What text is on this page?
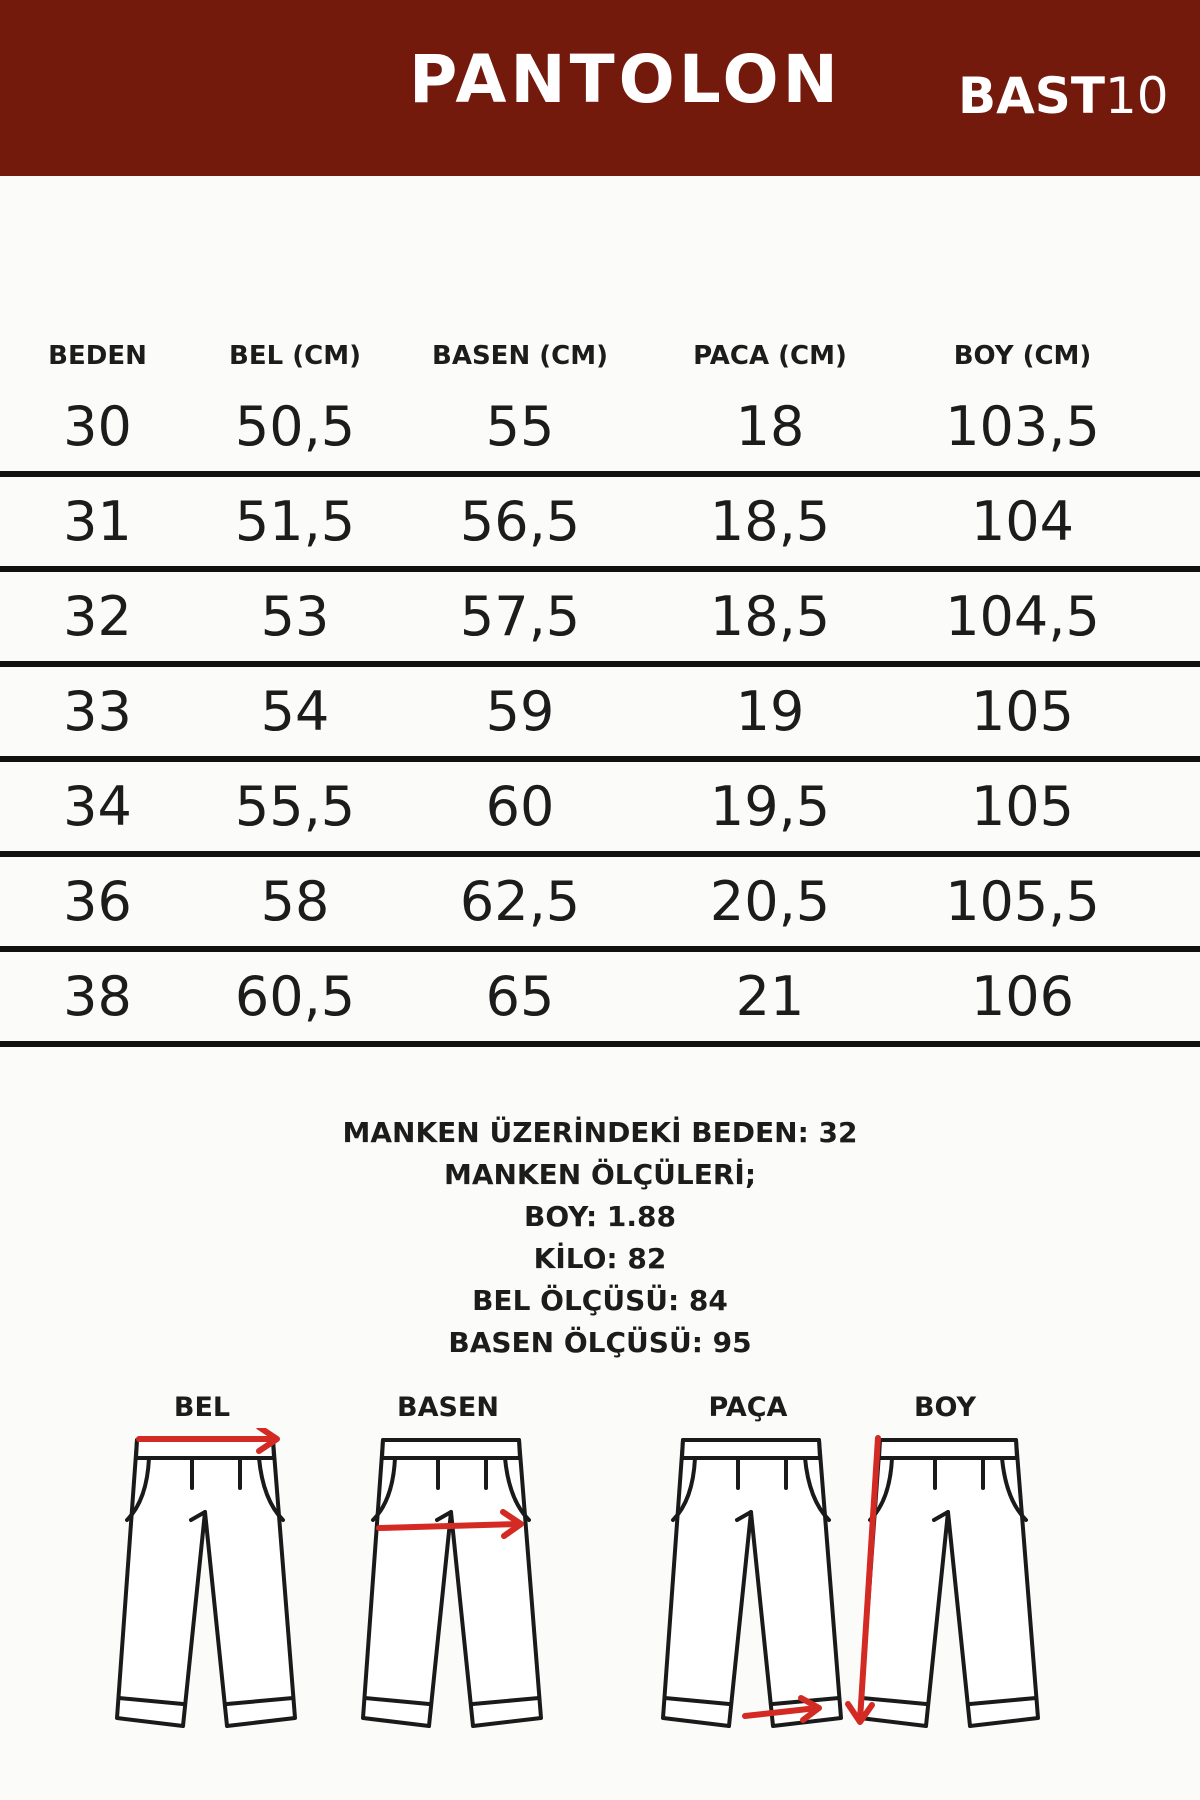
PANTOLON BAST10
BEDEN	BEL (CM)	BASEN (CM)	PACA (CM)	BOY (CM)
30	50,5	55	18	103,5
31	51,5	56,5	18,5	104
32	53	57,5	18,5	104,5
33	54	59	19	105
34	55,5	60	19,5	105
36	58	62,5	20,5	105,5
38	60,5	65	21	106
MANKEN ÜZERİNDEKİ BEDEN: 32
MANKEN ÖLÇÜLERİ;
BOY: 1.88
KİLO: 82
BEL ÖLÇÜSÜ: 84
BASEN ÖLÇÜSÜ: 95
BEL	BASEN	PAÇA	BOY
